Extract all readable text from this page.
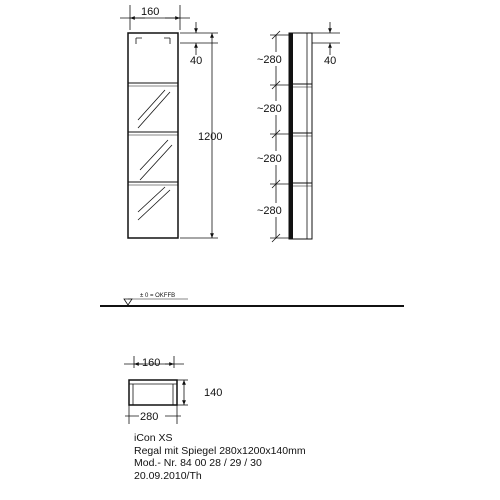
160
40
1200
~280
~280
~280
~280
40
± 0 = OKFFB
160
140
280
iCon XS
Regal mit Spiegel 280x1200x140mm
Mod.- Nr. 84 00 28 / 29 / 30
20.09.2010/Th
